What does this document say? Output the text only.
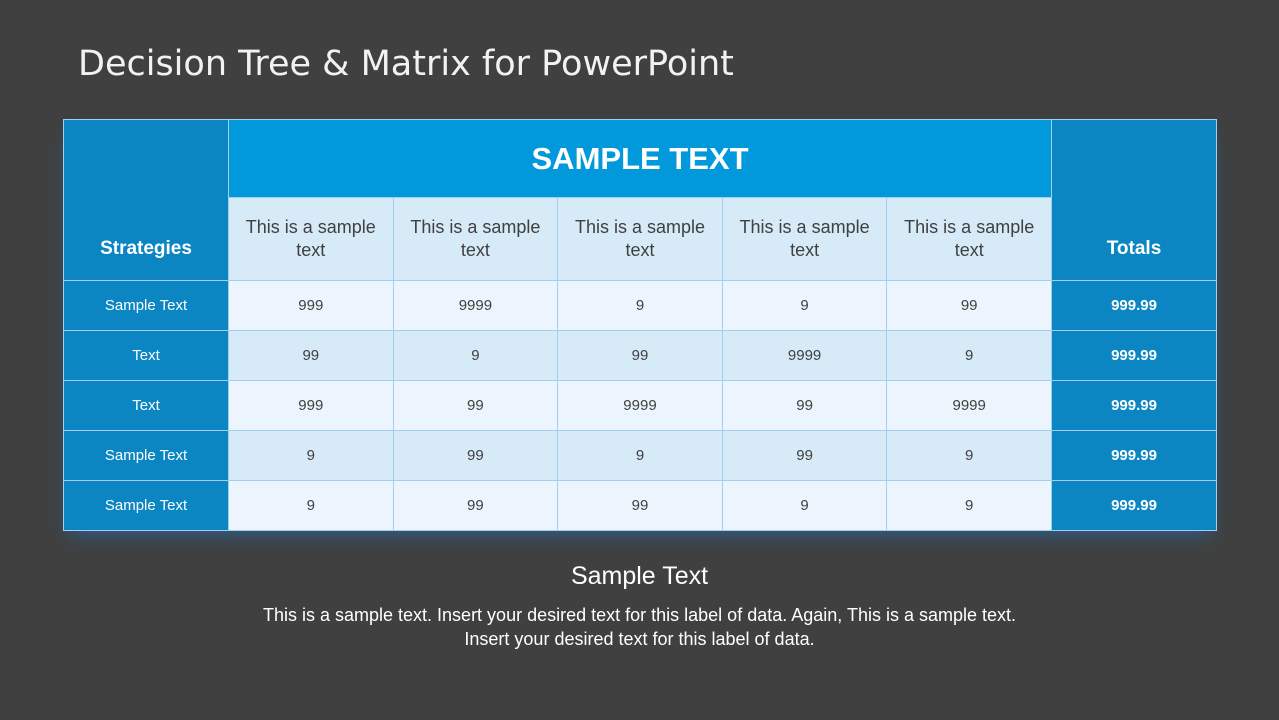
Decision Tree & Matrix for PowerPoint
Strategies	SAMPLE TEXT					Totals
	This is a sample text	This is a sample text	This is a sample text	This is a sample text	This is a sample text	
Sample Text	999	9999	9	9	99	999.99
Text	99	9	99	9999	9	999.99
Text	999	99	9999	99	9999	999.99
Sample Text	9	99	9	99	9	999.99
Sample Text	9	99	99	9	9	999.99
Sample Text

This is a sample text. Insert your desired text for this label of data. Again, This is a sample text. Insert your desired text for this label of data.
